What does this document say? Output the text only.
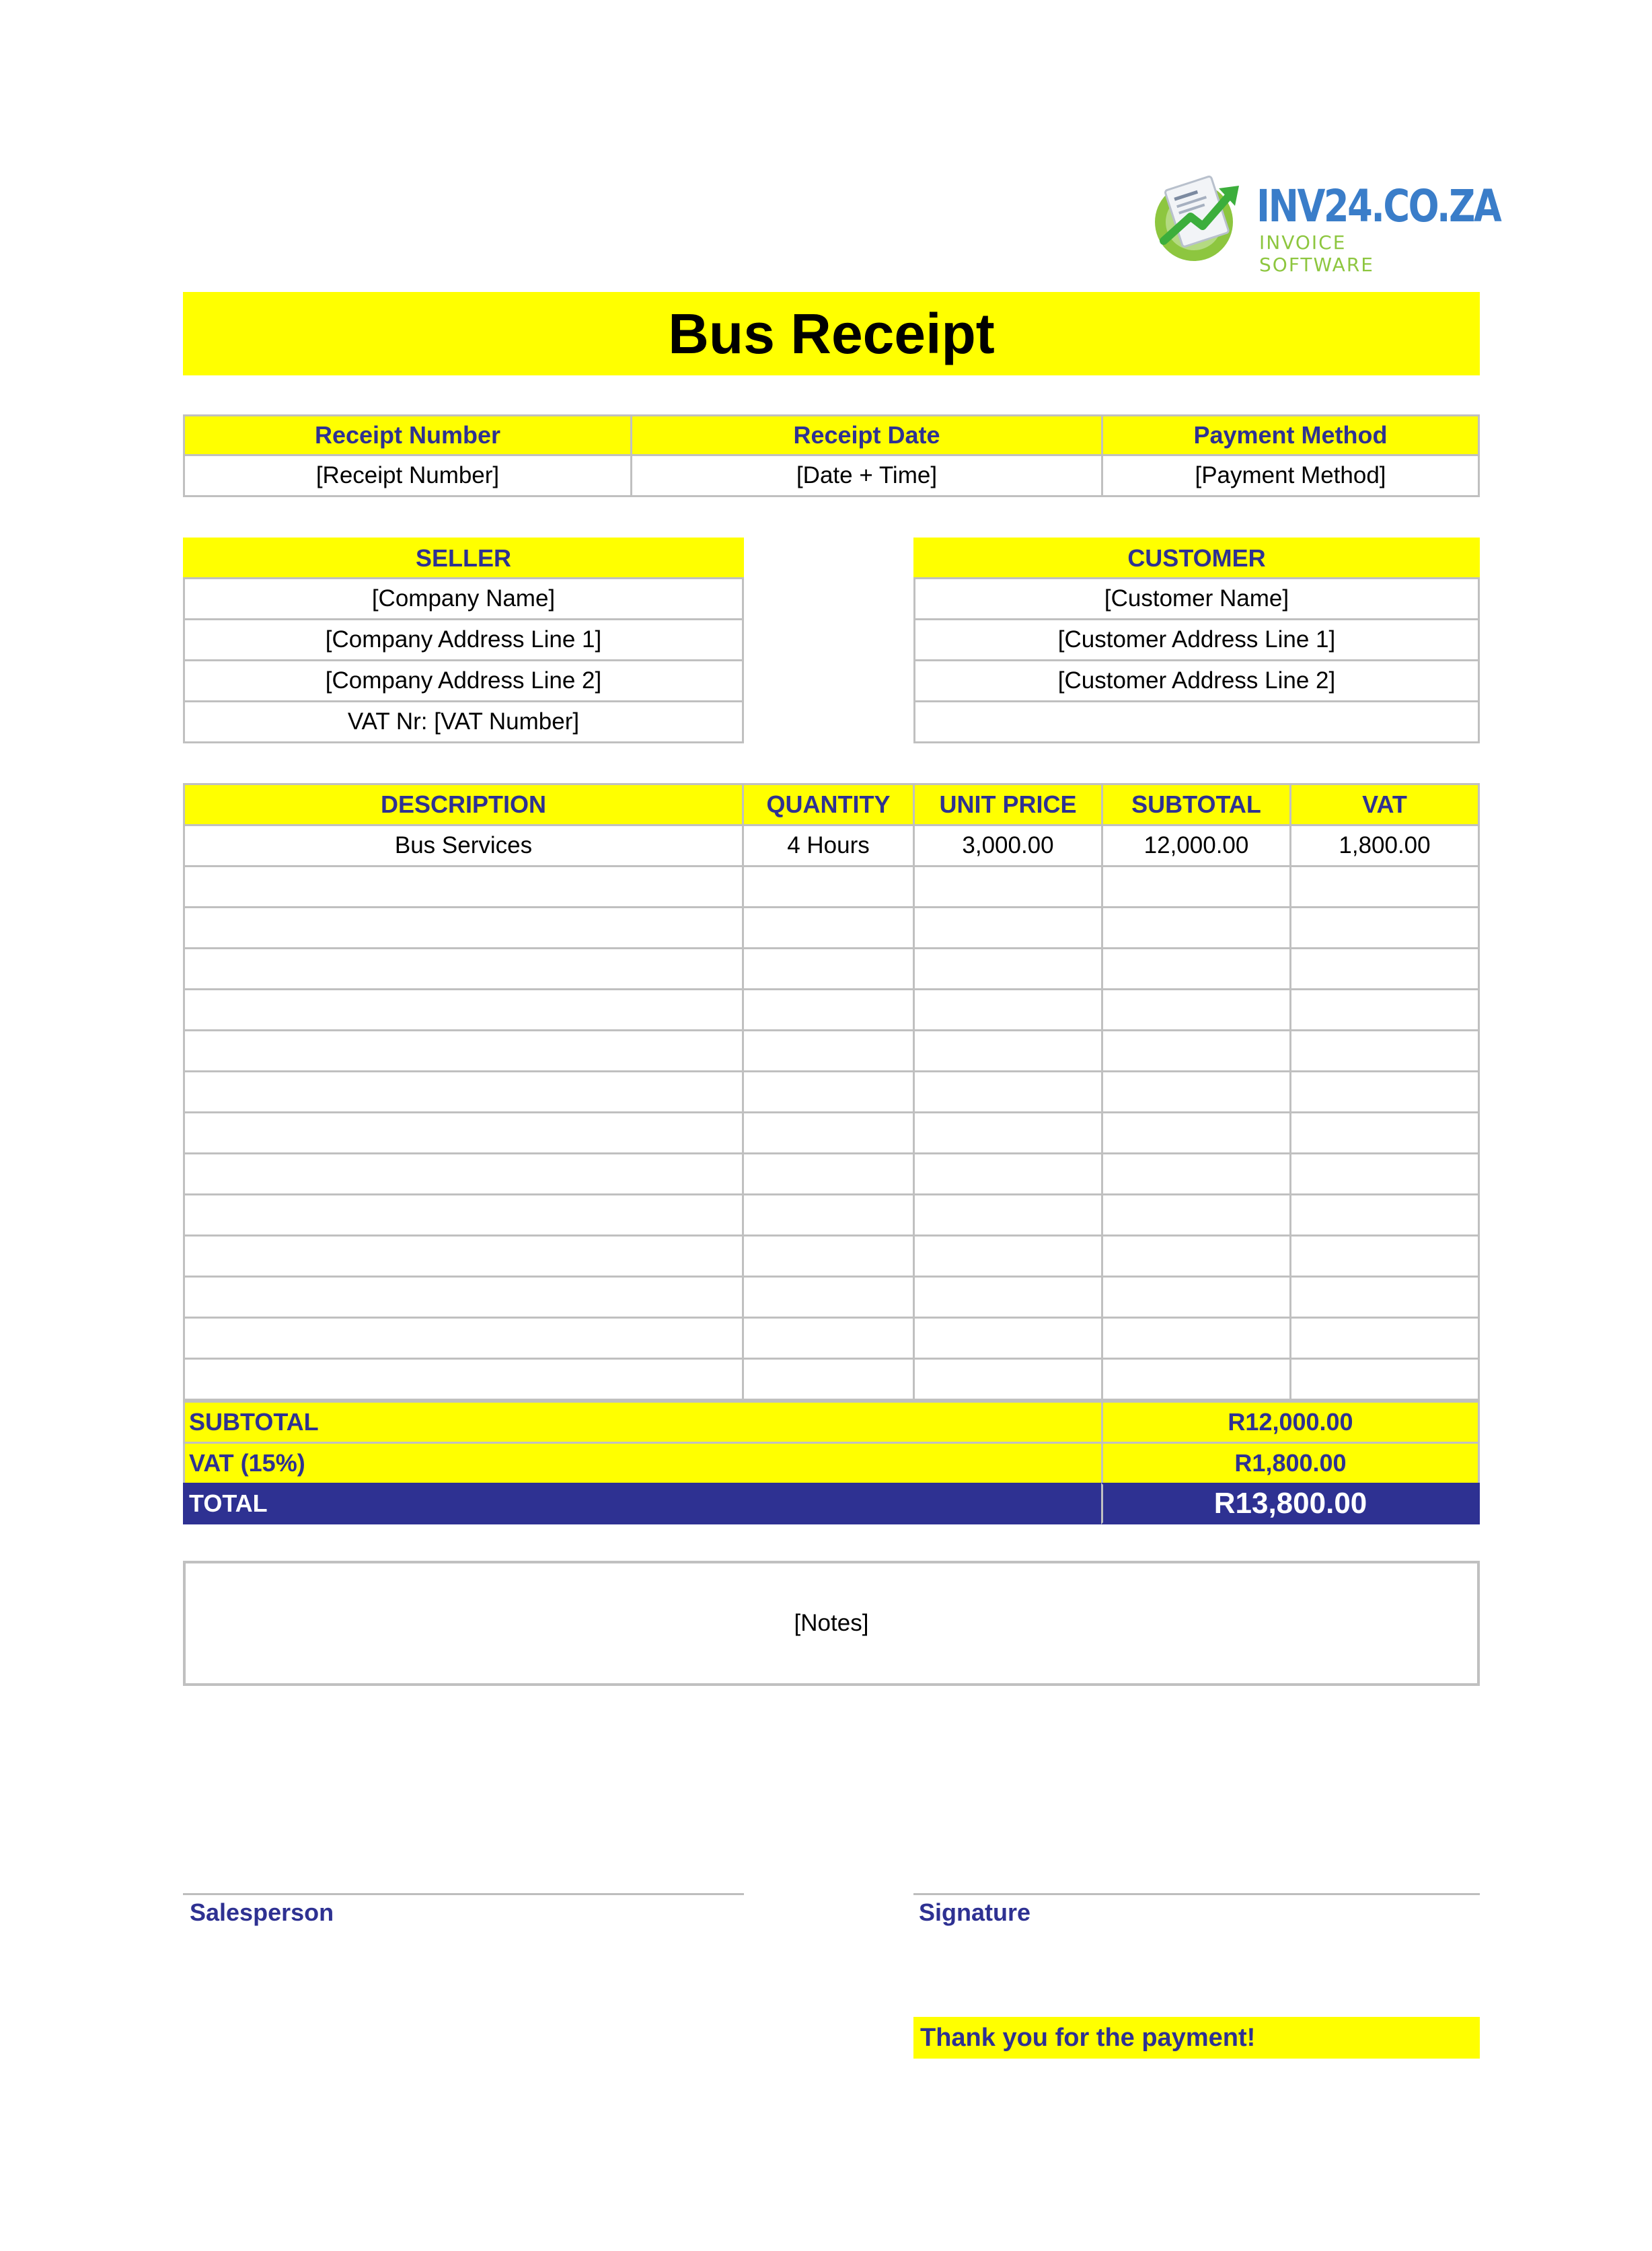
INV24.CO.ZA
INVOICE SOFTWARE
Bus Receipt
Receipt Number	Receipt Date	Payment Method
[Receipt Number]	[Date + Time]	[Payment Method]
SELLER
[Company Name]
[Company Address Line 1]
[Company Address Line 2]
VAT Nr: [VAT Number]
CUSTOMER
[Customer Name]
[Customer Address Line 1]
[Customer Address Line 2]
DESCRIPTION	QUANTITY	UNIT PRICE	SUBTOTAL	VAT
Bus Services	4 Hours	3,000.00	12,000.00	1,800.00
SUBTOTAL	R12,000.00
VAT (15%)	R1,800.00
TOTAL	R13,800.00
[Notes]
Salesperson	Signature
Thank you for the payment!
